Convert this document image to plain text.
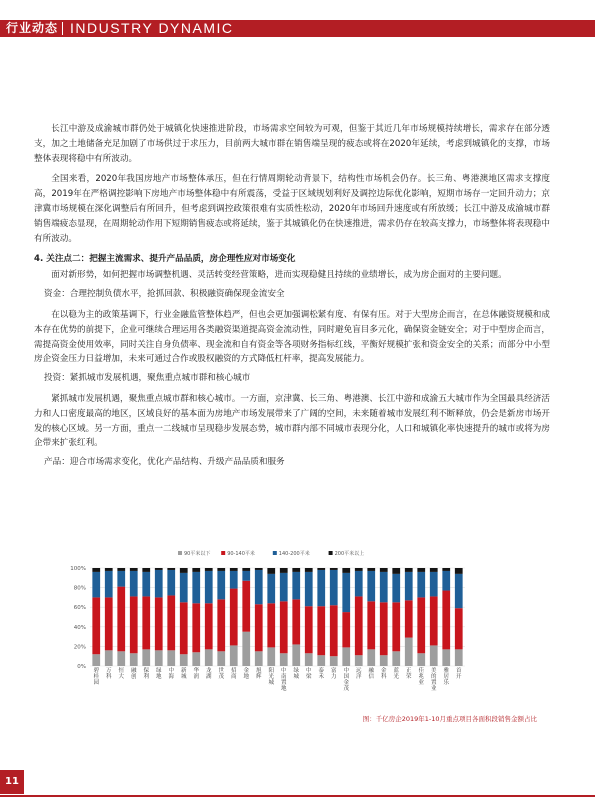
行业动态 INDUSTRY DYNAMIC

长江中游及成渝城市群仍处于城镇化快速推进阶段，市场需求空间较为可观，但鉴于其近几年市场规模持续增长，需求存在部分透支，加之土地储备充足加剧了市场供过于求压力，目前两大城市群在销售端呈现的疲态或将在2020年延续，考虑到城镇化的支撑，市场整体表现将稳中有所波动。

全国来看，2020年我国房地产市场整体承压，但在行情周期轮动背景下，结构性市场机会仍存。长三角、粤港澳地区需求支撑度高，2019年在严格调控影响下房地产市场整体稳中有所震荡，受益于区域规划利好及调控边际优化影响，短期市场存一定回升动力；京津冀市场规模在深化调整后有所回升，但考虑到调控政策很难有实质性松动，2020年市场回升速度或有所放缓；长江中游及成渝城市群销售端疲态显现，在周期轮动作用下短期销售疲态或将延续，鉴于其城镇化仍在快速推进，需求仍存在较高支撑力，市场整体将表现稳中有所波动。

4. 关注点二：把握主流需求、提升产品品质，房企理性应对市场变化

面对新形势，如何把握市场调整机遇、灵活转变经营策略，进而实现稳健且持续的业绩增长，成为房企面对的主要问题。

资金：合理控制负债水平，抢抓回款、积极融资确保现金流安全

在以稳为主的政策基调下，行业金融监管整体趋严，但也会更加强调松紧有度、有保有压。对于大型房企而言，在总体融资规模和成本存在优势的前提下，企业可继续合理运用各类融资渠道提高资金流动性，同时避免盲目多元化，确保资金链安全；对于中型房企而言，需提高资金使用效率，同时关注自身负债率、现金流和自有资金等各项财务指标红线，平衡好规模扩张和资金安全的关系；而部分中小型房企资金压力日益增加，未来可通过合作或股权融资的方式降低杠杆率，提高发展能力。

投资：紧抓城市发展机遇，聚焦重点城市群和核心城市

紧抓城市发展机遇，聚焦重点城市群和核心城市。一方面，京津冀、长三角、粤港澳、长江中游和成渝五大城市作为全国最具经济活力和人口密度最高的地区，区域良好的基本面为房地产市场发展带来了广阔的空间，未来随着城市发展红利不断释放，仍会是新房市场开发的核心区域。另一方面，重点一二线城市呈现稳步发展态势，城市群内部不同城市表现分化，人口和城镇化率快速提升的城市或将为房企带来扩张红利。

产品：迎合市场需求变化，优化产品结构、升级产品品质和服务

0%
20%
40%
60%
80%
100%
90平米以下	90-140平米	140-200平米	200平米以上
碧桂园
万科
恒大
融创
保利
绿地
中海
新城
华润
龙湖
世茂
招商
金地
旭辉
阳光城
中南置地
绿城
中梁
泰禾
富力
中国金茂
远洋
融信
金科
蓝光
正荣
佳兆业
美的置业
雅居乐
首开
图：千亿房企2019年1-10月重点项目各面积段销售金额占比
11
